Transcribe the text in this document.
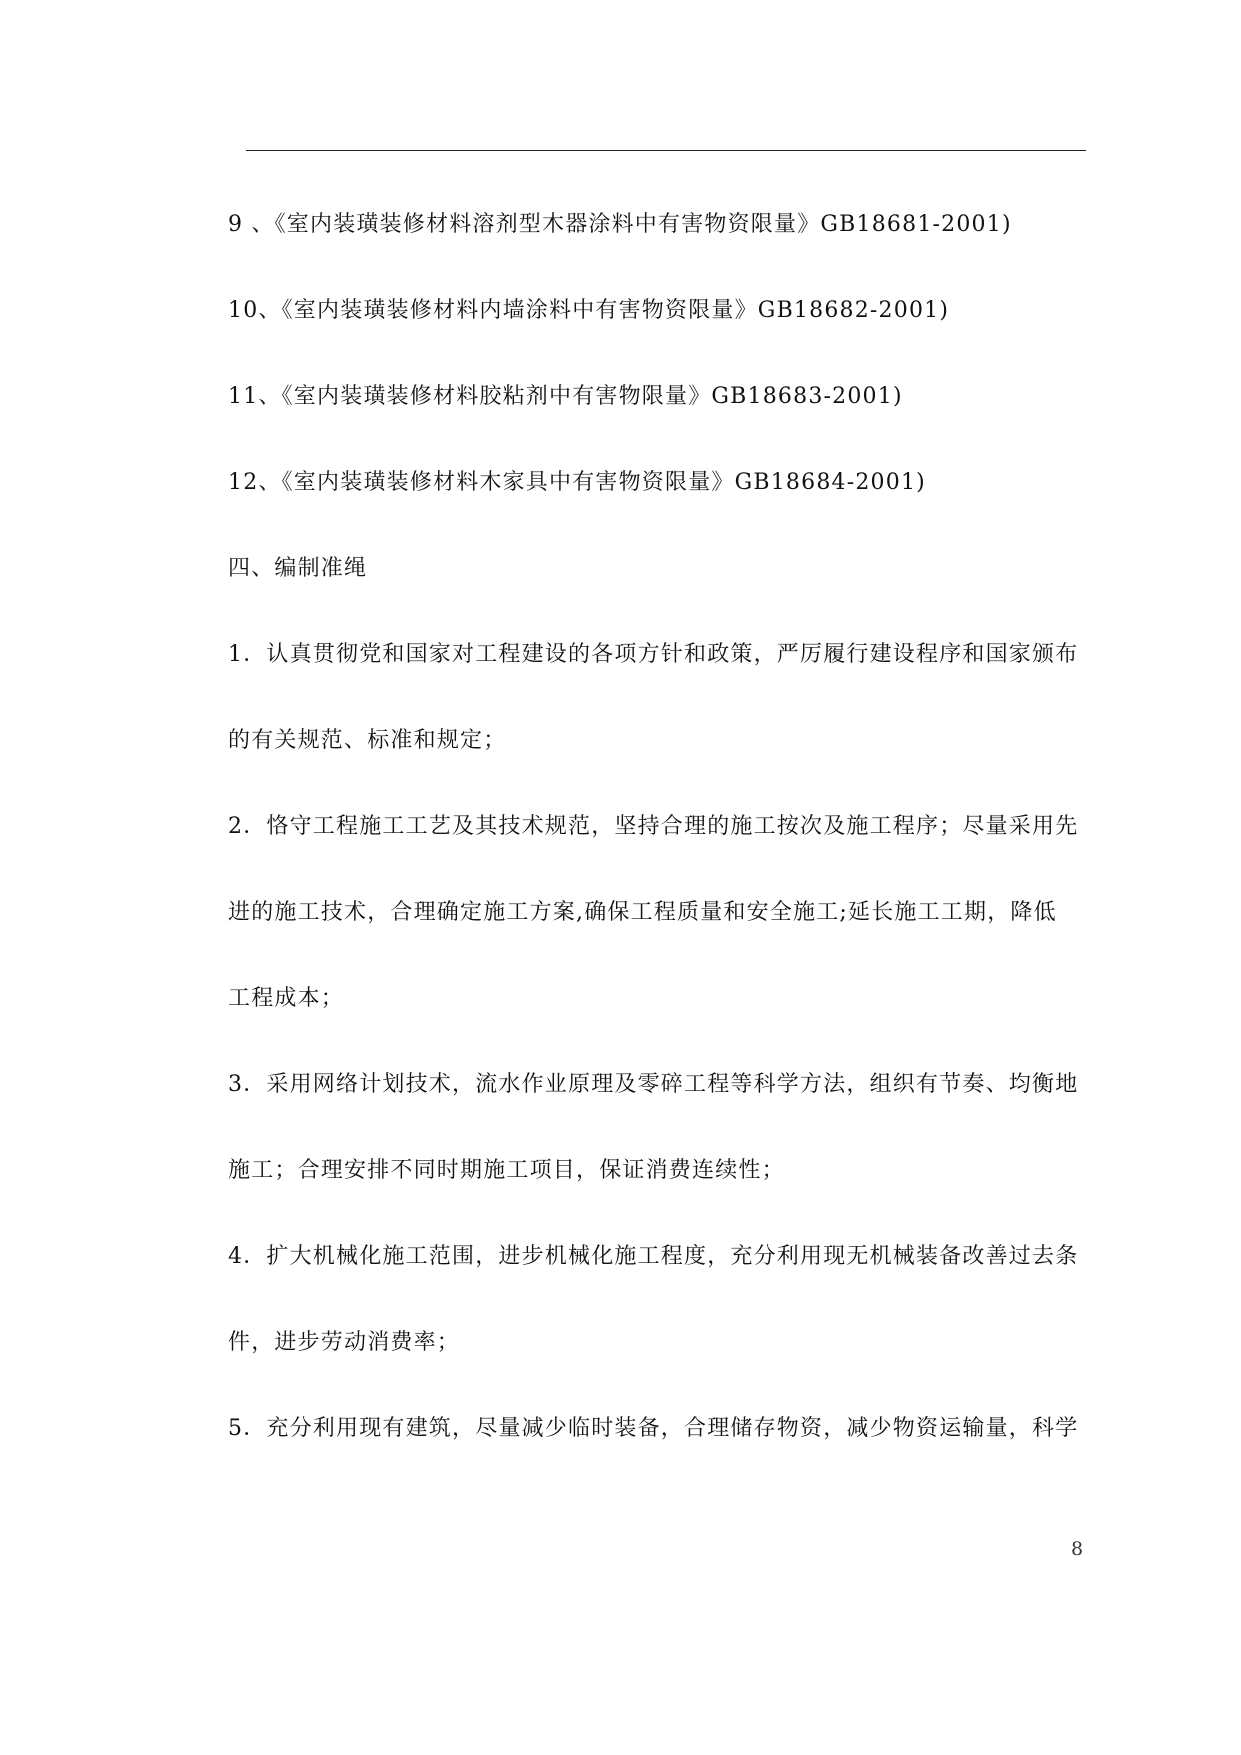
9 、《室内装璜装修材料溶剂型木器涂料中有害物资限量》GB18681-2001)
10、《室内装璜装修材料内墙涂料中有害物资限量》GB18682-2001)
11、《室内装璜装修材料胶粘剂中有害物限量》GB18683-2001)
12、《室内装璜装修材料木家具中有害物资限量》GB18684-2001)
四、编制准绳
1．认真贯彻党和国家对工程建设的各项方针和政策，严厉履行建设程序和国家颁布
的有关规范、标准和规定；
2．恪守工程施工工艺及其技术规范，坚持合理的施工按次及施工程序；尽量采用先
进的施工技术，合理确定施工方案,确保工程质量和安全施工;延长施工工期，降低
工程成本；
3．采用网络计划技术，流水作业原理及零碎工程等科学方法，组织有节奏、均衡地
施工；合理安排不同时期施工项目，保证消费连续性；
4．扩大机械化施工范围，进步机械化施工程度，充分利用现无机械装备改善过去条
件，进步劳动消费率；
5．充分利用现有建筑，尽量减少临时装备，合理储存物资，减少物资运输量，科学
8
